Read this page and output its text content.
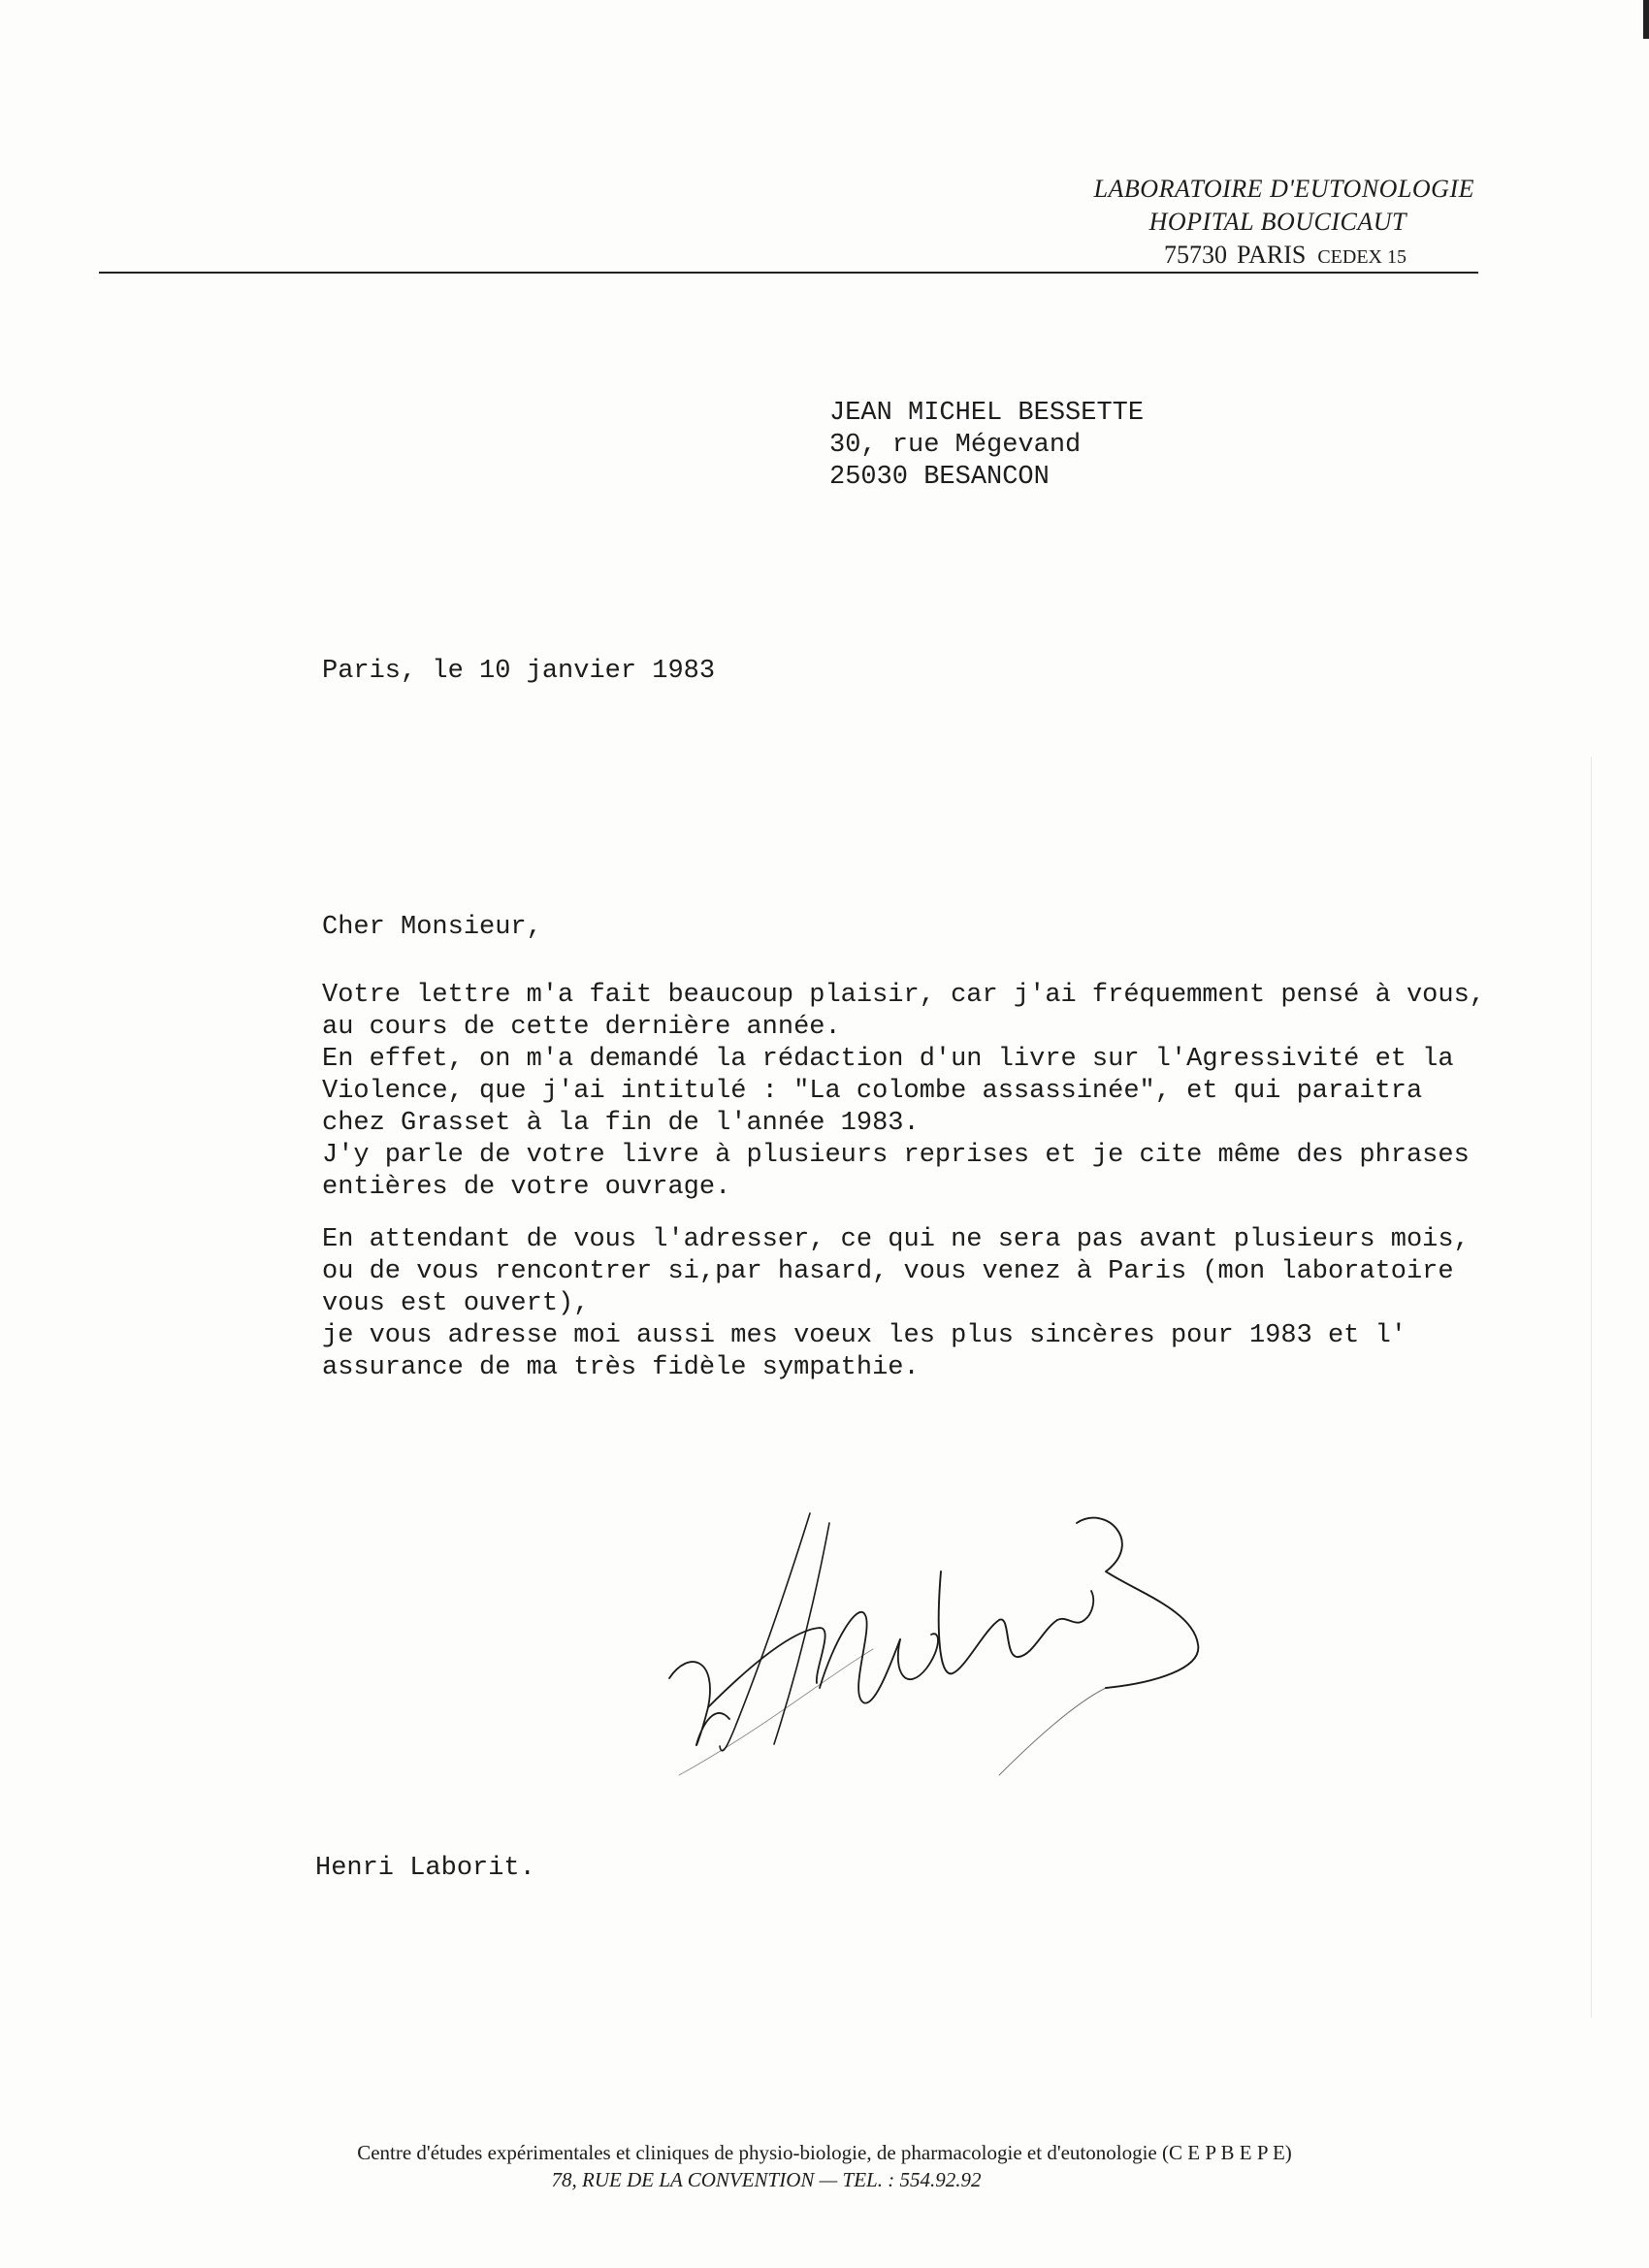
LABORATOIRE D'EUTONOLOGIE
HOPITAL BOUCICAUT
75730 PARIS CEDEX 15
JEAN MICHEL BESSETTE
30, rue Mégevand
25030 BESANCON
Paris, le 10 janvier 1983
Cher Monsieur,
Votre lettre m'a fait beaucoup plaisir, car j'ai fréquemment pensé à vous,
au cours de cette dernière année.
En effet, on m'a demandé la rédaction d'un livre sur l'Agressivité et la
Violence, que j'ai intitulé : "La colombe assassinée", et qui paraitra
chez Grasset à la fin de l'année 1983.
J'y parle de votre livre à plusieurs reprises et je cite même des phrases
entières de votre ouvrage.
En attendant de vous l'adresser, ce qui ne sera pas avant plusieurs mois,
ou de vous rencontrer si,par hasard, vous venez à Paris (mon laboratoire
vous est ouvert),
je vous adresse moi aussi mes voeux les plus sincères pour 1983 et l'
assurance de ma très fidèle sympathie.
Henri Laborit.
Centre d'études expérimentales et cliniques de physio-biologie, de pharmacologie et d'eutonologie (C E P B E P E)
78, RUE DE LA CONVENTION — TEL. : 554.92.92
